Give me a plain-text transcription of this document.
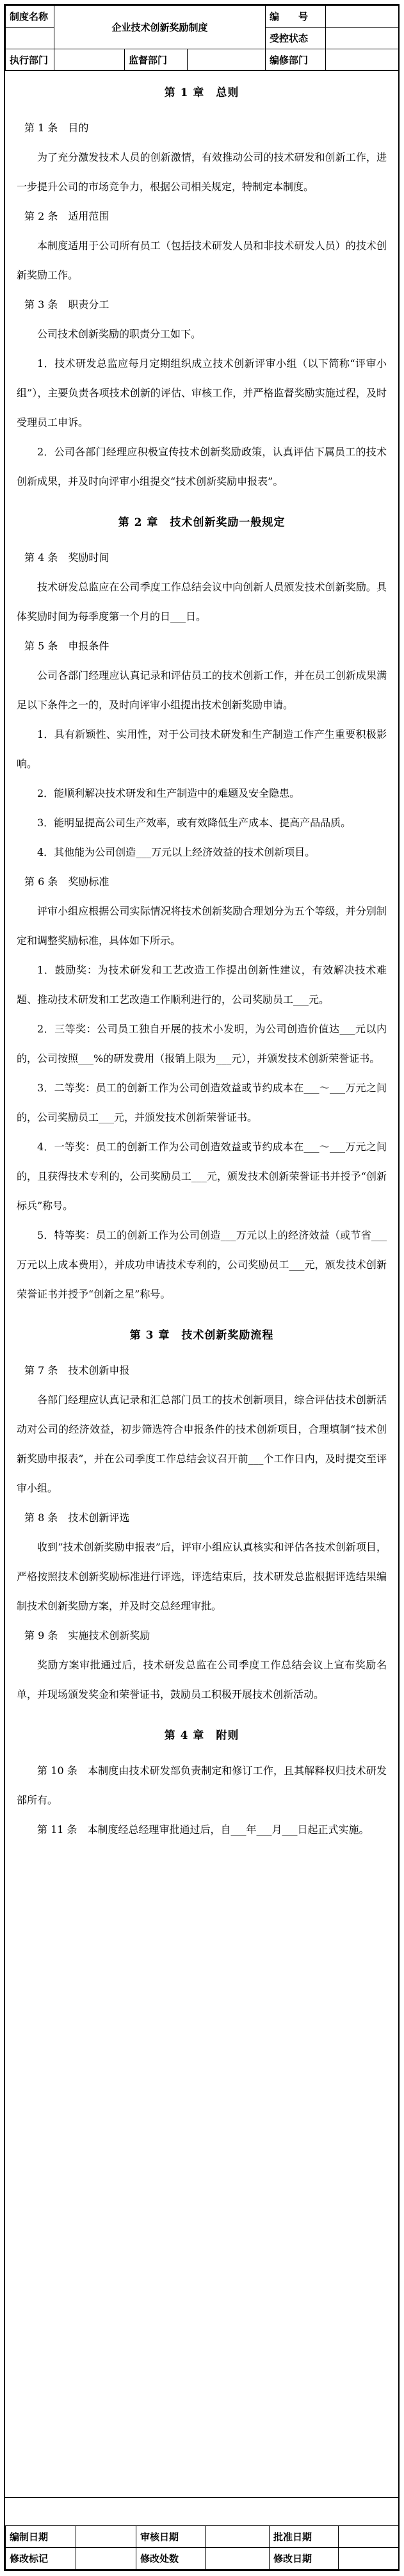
制度名称	企业技术创新奖励制度			编　　号	
				受控状态	
执行部门		监督部门		编修部门	
第 1 章　总则

第 1 条　目的

为了充分激发技术人员的创新激情，有效推动公司的技术研发和创新工作，进一步提升公司的市场竞争力，根据公司相关规定，特制定本制度。

第 2 条　适用范围

本制度适用于公司所有员工（包括技术研发人员和非技术研发人员）的技术创新奖励工作。

第 3 条　职责分工

公司技术创新奖励的职责分工如下。

1．技术研发总监应每月定期组织成立技术创新评审小组（以下简称“评审小组”），主要负责各项技术创新的评估、审核工作，并严格监督奖励实施过程，及时受理员工申诉。

2．公司各部门经理应积极宣传技术创新奖励政策，认真评估下属员工的技术创新成果，并及时向评审小组提交“技术创新奖励申报表”。

第 2 章　技术创新奖励一般规定

第 4 条　奖励时间

技术研发总监应在公司季度工作总结会议中向创新人员颁发技术创新奖励。具体奖励时间为每季度第一个月的日___日。

第 5 条　申报条件

公司各部门经理应认真记录和评估员工的技术创新工作，并在员工创新成果满足以下条件之一的，及时向评审小组提出技术创新奖励申请。

1．具有新颖性、实用性，对于公司技术研发和生产制造工作产生重要积极影响。

2．能顺利解决技术研发和生产制造中的难题及安全隐患。

3．能明显提高公司生产效率，或有效降低生产成本、提高产品品质。

4．其他能为公司创造___万元以上经济效益的技术创新项目。

第 6 条　奖励标准

评审小组应根据公司实际情况将技术创新奖励合理划分为五个等级，并分别制定和调整奖励标准，具体如下所示。

1．鼓励奖：为技术研发和工艺改造工作提出创新性建议，有效解决技术难题、推动技术研发和工艺改造工作顺利进行的，公司奖励员工___元。

2．三等奖：公司员工独自开展的技术小发明，为公司创造价值达___元以内的，公司按照___%的研发费用（报销上限为___元），并颁发技术创新荣誉证书。

3．二等奖：员工的创新工作为公司创造效益或节约成本在___～___万元之间的，公司奖励员工___元，并颁发技术创新荣誉证书。

4．一等奖：员工的创新工作为公司创造效益或节约成本在___～___万元之间的，且获得技术专利的，公司奖励员工___元，颁发技术创新荣誉证书并授予“创新标兵”称号。

5．特等奖：员工的创新工作为公司创造___万元以上的经济效益（或节省___万元以上成本费用），并成功申请技术专利的，公司奖励员工___元，颁发技术创新荣誉证书并授予“创新之星”称号。

第 3 章　技术创新奖励流程

第 7 条　技术创新申报

各部门经理应认真记录和汇总部门员工的技术创新项目，综合评估技术创新活动对公司的经济效益，初步筛选符合申报条件的技术创新项目，合理填制“技术创新奖励申报表”，并在公司季度工作总结会议召开前___个工作日内，及时提交至评审小组。

第 8 条　技术创新评选

收到“技术创新奖励申报表”后，评审小组应认真核实和评估各技术创新项目，严格按照技术创新奖励标准进行评选，评选结束后，技术研发总监根据评选结果编制技术创新奖励方案，并及时交总经理审批。

第 9 条　实施技术创新奖励

奖励方案审批通过后，技术研发总监在公司季度工作总结会议上宣布奖励名单，并现场颁发奖金和荣誉证书，鼓励员工积极开展技术创新活动。

第 4 章　附则

第 10 条　本制度由技术研发部负责制定和修订工作，且其解释权归技术研发部所有。

第 11 条　本制度经总经理审批通过后，自___年___月___日起正式实施。

编制日期		审核日期		批准日期	
修改标记		修改处数		修改日期	
